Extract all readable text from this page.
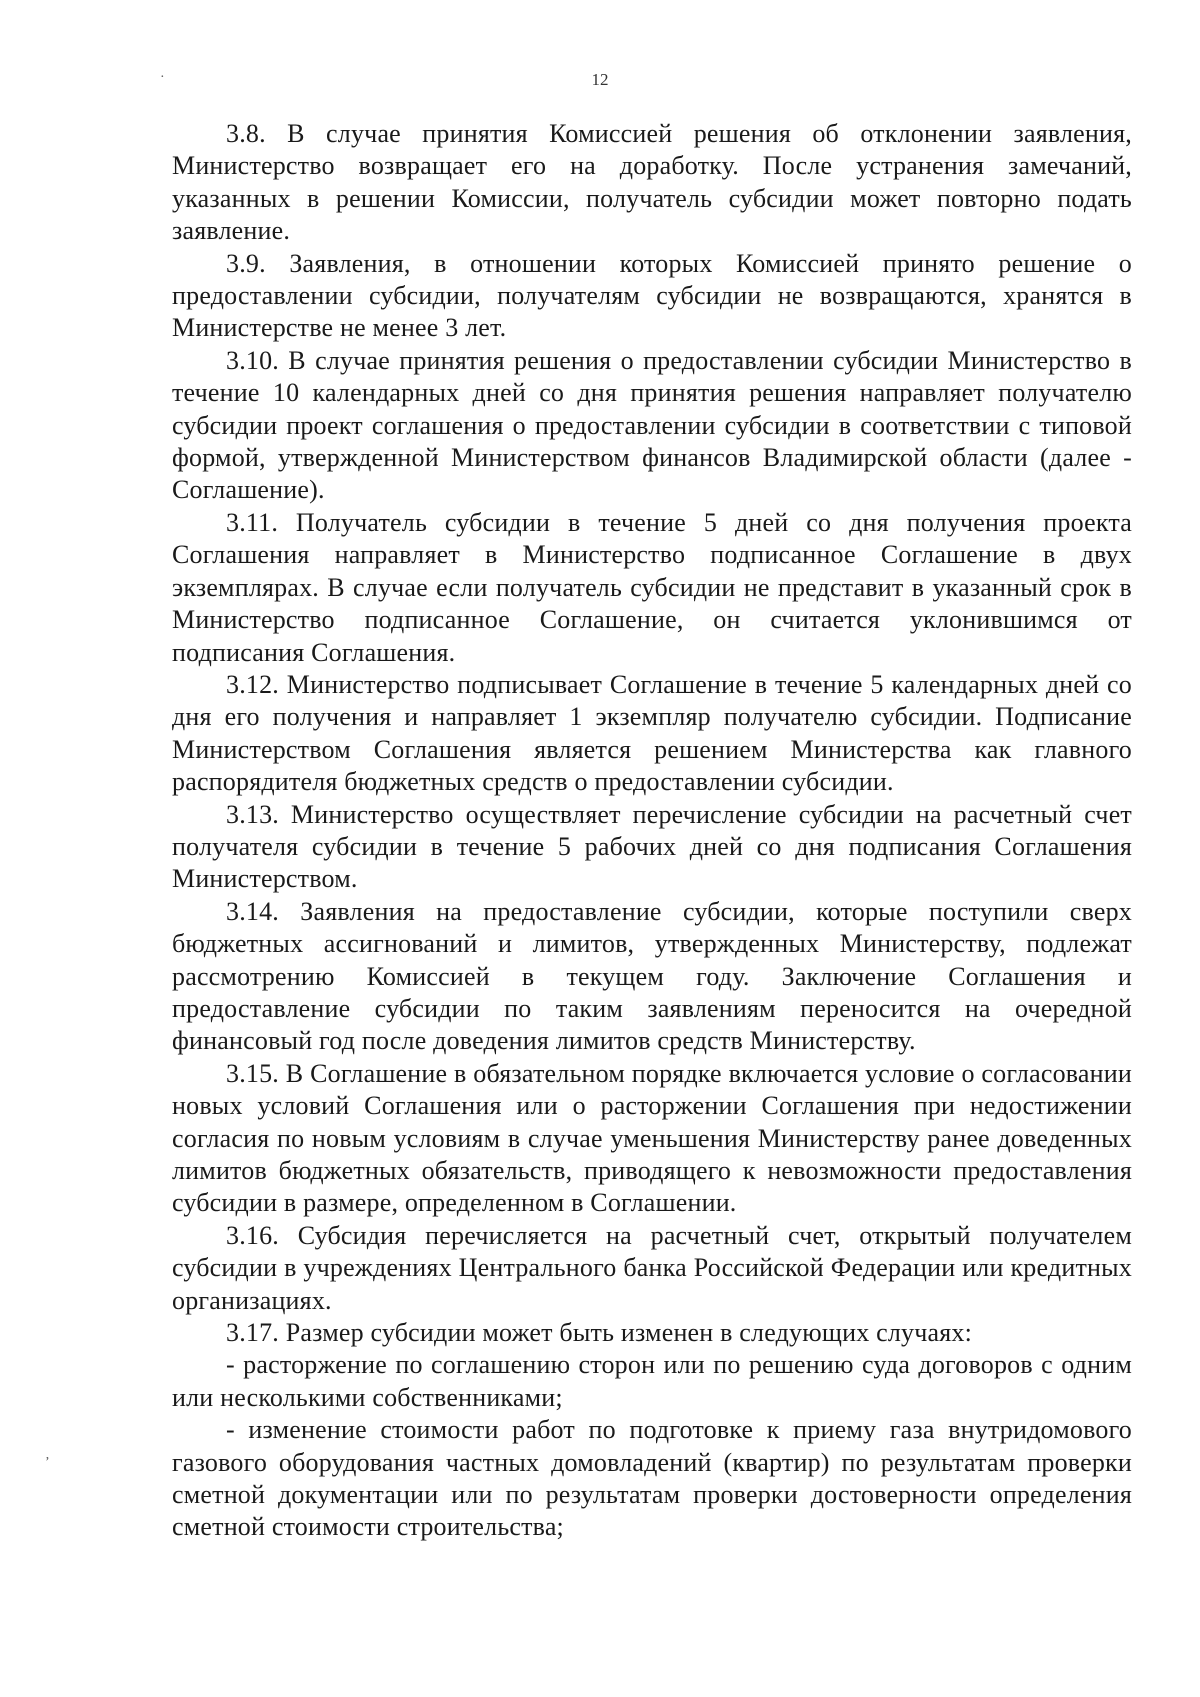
12
·
ʼ

3.8. В случае принятия Комиссией решения об отклонении заявления, Министерство возвращает его на доработку. После устранения замечаний, указанных в решении Комиссии, получатель субсидии может повторно подать заявление.

3.9. Заявления, в отношении которых Комиссией принято решение о предоставлении субсидии, получателям субсидии не возвращаются, хранятся в Министерстве не менее 3 лет.

3.10. В случае принятия решения о предоставлении субсидии Министерство в течение 10 календарных дней со дня принятия решения направляет получателю субсидии проект соглашения о предоставлении субсидии в соответствии с типовой формой, утвержденной Министерством финансов Владимирской области (далее - Соглашение).

3.11. Получатель субсидии в течение 5 дней со дня получения проекта Соглашения направляет в Министерство подписанное Соглашение в двух экземплярах. В случае если получатель субсидии не представит в указанный срок в Министерство подписанное Соглашение, он считается уклонившимся от подписания Соглашения.

3.12. Министерство подписывает Соглашение в течение 5 календарных дней со дня его получения и направляет 1 экземпляр получателю субсидии. Подписание Министерством Соглашения является решением Министерства как главного распорядителя бюджетных средств о предоставлении субсидии.

3.13. Министерство осуществляет перечисление субсидии на расчетный счет получателя субсидии в течение 5 рабочих дней со дня подписания Соглашения Министерством.

3.14. Заявления на предоставление субсидии, которые поступили сверх бюджетных ассигнований и лимитов, утвержденных Министерству, подлежат рассмотрению Комиссией в текущем году. Заключение Соглашения и предоставление субсидии по таким заявлениям переносится на очередной финансовый год после доведения лимитов средств Министерству.

3.15. В Соглашение в обязательном порядке включается условие о согласовании новых условий Соглашения или о расторжении Соглашения при недостижении согласия по новым условиям в случае уменьшения Министерству ранее доведенных лимитов бюджетных обязательств, приводящего к невозможности предоставления субсидии в размере, определенном в Соглашении.

3.16. Субсидия перечисляется на расчетный счет, открытый получателем субсидии в учреждениях Центрального банка Российской Федерации или кредитных организациях.

3.17. Размер субсидии может быть изменен в следующих случаях:

- расторжение по соглашению сторон или по решению суда договоров с одним или несколькими собственниками;

- изменение стоимости работ по подготовке к приему газа внутридомового газового оборудования частных домовладений (квартир) по результатам проверки сметной документации или по результатам проверки достоверности определения сметной стоимости строительства;
